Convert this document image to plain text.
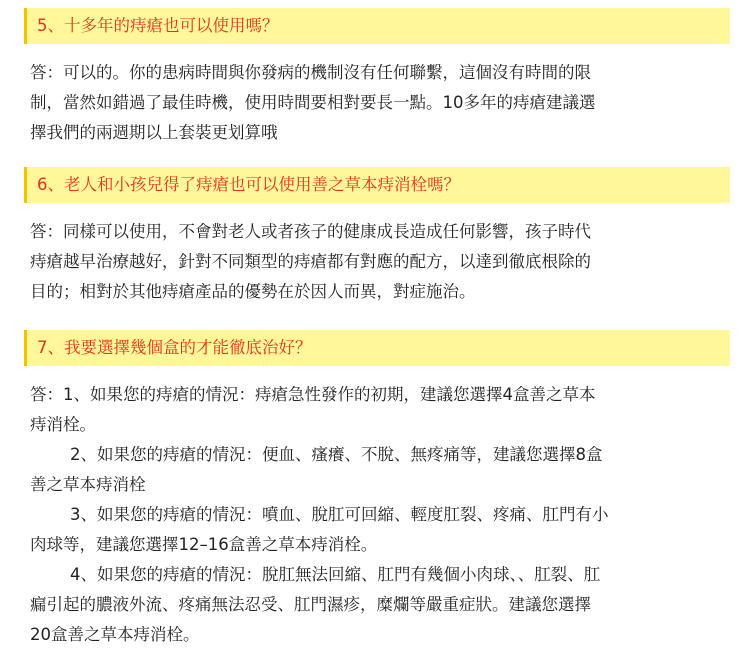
5、十多年的痔瘡也可以使用嗎？
答：可以的。你的患病時間與你發病的機制沒有任何聯繫，這個沒有時間的限
制，當然如錯過了最佳時機，使用時間要相對要長一點。10多年的痔瘡建議選
擇我們的兩週期以上套裝更划算哦
6、老人和小孩兒得了痔瘡也可以使用善之草本痔消栓嗎？
答：同樣可以使用，不會對老人或者孩子的健康成長造成任何影響，孩子時代
痔瘡越早治療越好，針對不同類型的痔瘡都有對應的配方，以達到徹底根除的
目的；相對於其他痔瘡產品的優勢在於因人而異，對症施治。
7、我要選擇幾個盒的才能徹底治好？
答：1、如果您的痔瘡的情況：痔瘡急性發作的初期，建議您選擇4盒善之草本
痔消栓。
2、如果您的痔瘡的情況：便血、瘙癢、不脫、無疼痛等，建議您選擇8盒
善之草本痔消栓
3、如果您的痔瘡的情況：噴血、脫肛可回縮、輕度肛裂、疼痛、肛門有小
肉球等，建議您選擇12–16盒善之草本痔消栓。
4、如果您的痔瘡的情況：脫肛無法回縮、肛門有幾個小肉球、、肛裂、肛
瘺引起的膿液外流、疼痛無法忍受、肛門濕疹，糜爛等嚴重症狀。建議您選擇
20盒善之草本痔消栓。
